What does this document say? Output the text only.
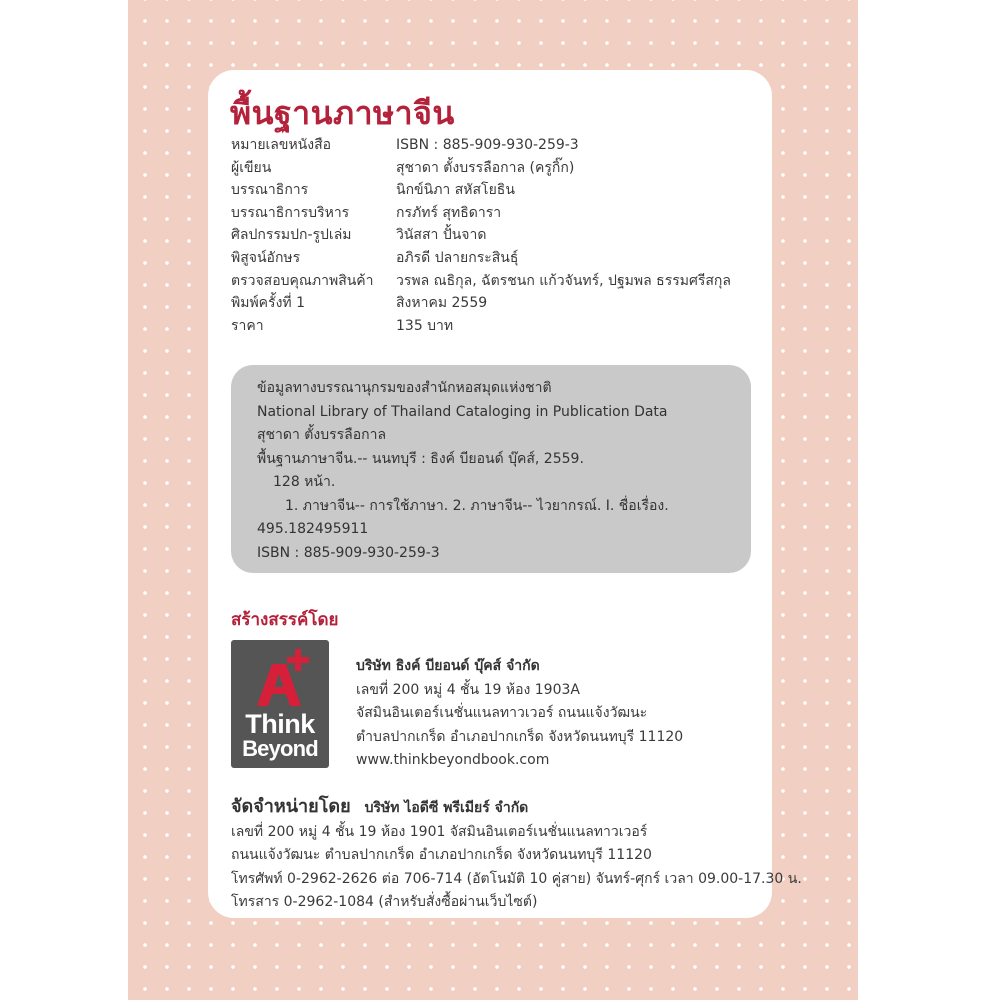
พื้นฐานภาษาจีน
หมายเลขหนังสือ	ISBN : 885-909-930-259-3
ผู้เขียน	สุชาดา ตั้งบรรลือกาล (ครูกิ๊ก)
บรรณาธิการ	นิกข์นิภา สหัสโยธิน
บรรณาธิการบริหาร	กรภัทร์ สุทธิดารา
ศิลปกรรมปก-รูปเล่ม	วินัสสา ปั้นจาด
พิสูจน์อักษร	อภิรดี ปลายกระสินธุ์
ตรวจสอบคุณภาพสินค้า	วรพล ณธิกุล, ฉัตรชนก แก้วจันทร์, ปฐมพล ธรรมศรีสกุล
พิมพ์ครั้งที่ 1	สิงหาคม 2559
ราคา	135 บาท
ข้อมูลทางบรรณานุกรมของสำนักหอสมุดแห่งชาติ
National Library of Thailand Cataloging in Publication Data
สุชาดา ตั้งบรรลือกาล
พื้นฐานภาษาจีน.-- นนทบุรี : ธิงค์ บียอนด์ บุ๊คส์, 2559.
128 หน้า.
1. ภาษาจีน-- การใช้ภาษา. 2. ภาษาจีน-- ไวยากรณ์. I. ชื่อเรื่อง.
495.182495911
ISBN : 885-909-930-259-3
สร้างสรรค์โดย
Think
Beyond
บริษัท ธิงค์ บียอนด์ บุ๊คส์ จำกัด
เลขที่ 200 หมู่ 4 ชั้น 19 ห้อง 1903A
จัสมินอินเตอร์เนชั่นแนลทาวเวอร์ ถนนแจ้งวัฒนะ
ตำบลปากเกร็ด อำเภอปากเกร็ด จังหวัดนนทบุรี 11120
www.thinkbeyondbook.com
จัดจำหน่ายโดย บริษัท ไอดีซี พรีเมียร์ จำกัด
เลขที่ 200 หมู่ 4 ชั้น 19 ห้อง 1901 จัสมินอินเตอร์เนชั่นแนลทาวเวอร์
ถนนแจ้งวัฒนะ ตำบลปากเกร็ด อำเภอปากเกร็ด จังหวัดนนทบุรี 11120
โทรศัพท์ 0-2962-2626 ต่อ 706-714 (อัตโนมัติ 10 คู่สาย) จันทร์-ศุกร์ เวลา 09.00-17.30 น.
โทรสาร 0-2962-1084 (สำหรับสั่งซื้อผ่านเว็บไซต์)
